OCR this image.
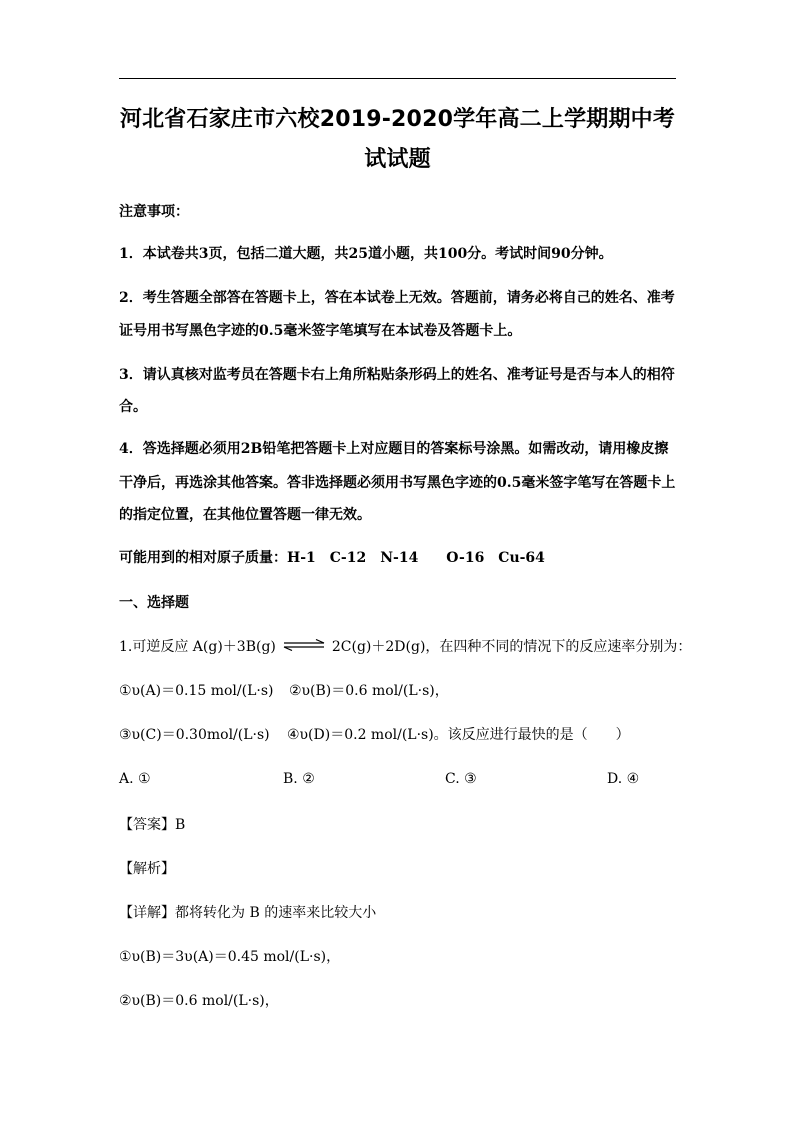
河北省石家庄市六校2019-2020学年高二上学期期中考试试题
注意事项：
1．本试卷共3页，包括二道大题，共25道小题，共100分。考试时间90分钟。
2．考生答题全部答在答题卡上，答在本试卷上无效。答题前，请务必将自己的姓名、准考
证号用书写黑色字迹的0.5毫米签字笔填写在本试卷及答题卡上。
3．请认真核对监考员在答题卡右上角所粘贴条形码上的姓名、准考证号是否与本人的相符
合。
4．答选择题必须用2B铅笔把答题卡上对应题目的答案标号涂黑。如需改动，请用橡皮擦
干净后，再选涂其他答案。答非选择题必须用书写黑色字迹的0.5毫米签字笔写在答题卡上
的指定位置，在其他位置答题一律无效。
可能用到的相对原子质量：H-1　C-12　N-14　　O-16　Cu-64
一、选择题
1.可逆反应 A(g)＋3B(g) ⇌ 2C(g)＋2D(g)，在四种不同的情况下的反应速率分别为：
①υ(A)＝0.15 mol/(L·s) ②υ(B)＝0.6 mol/(L·s)，
③υ(C)＝0.30mol/(L·s) ④υ(D)＝0.2 mol/(L·s)。该反应进行最快的是（　　）
A. ①	B. ②	C. ③	D. ④
【答案】B
【解析】
【详解】都将转化为 B 的速率来比较大小
①υ(B)＝3υ(A)＝0.45 mol/(L·s)，
②υ(B)＝0.6 mol/(L·s)，
